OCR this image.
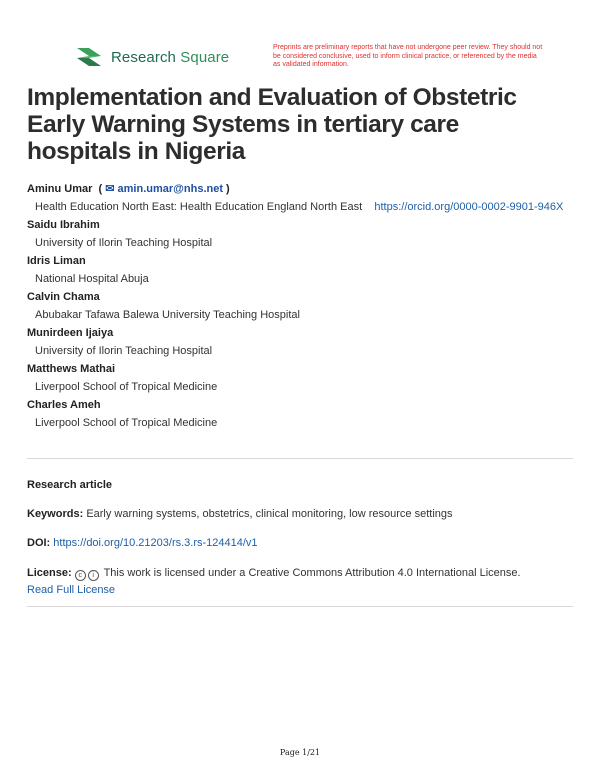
Research Square
Preprints are preliminary reports that have not undergone peer review. They should not be considered conclusive, used to inform clinical practice, or referenced by the media as validated information.
Implementation and Evaluation of Obstetric Early Warning Systems in tertiary care hospitals in Nigeria
Aminu Umar  ( ✉ amin.umar@nhs.net )
Health Education North East: Health Education England North East https://orcid.org/0000-0002-9901-946X
Saidu Ibrahim
University of Ilorin Teaching Hospital
Idris Liman
National Hospital Abuja
Calvin Chama
Abubakar Tafawa Balewa University Teaching Hospital
Munirdeen Ijaiya
University of Ilorin Teaching Hospital
Matthews Mathai
Liverpool School of Tropical Medicine
Charles Ameh
Liverpool School of Tropical Medicine
Research article
Keywords: Early warning systems, obstetrics, clinical monitoring, low resource settings
DOI: https://doi.org/10.21203/rs.3.rs-124414/v1
License: c i This work is licensed under a Creative Commons Attribution 4.0 International License.
Read Full License
Page 1/21
